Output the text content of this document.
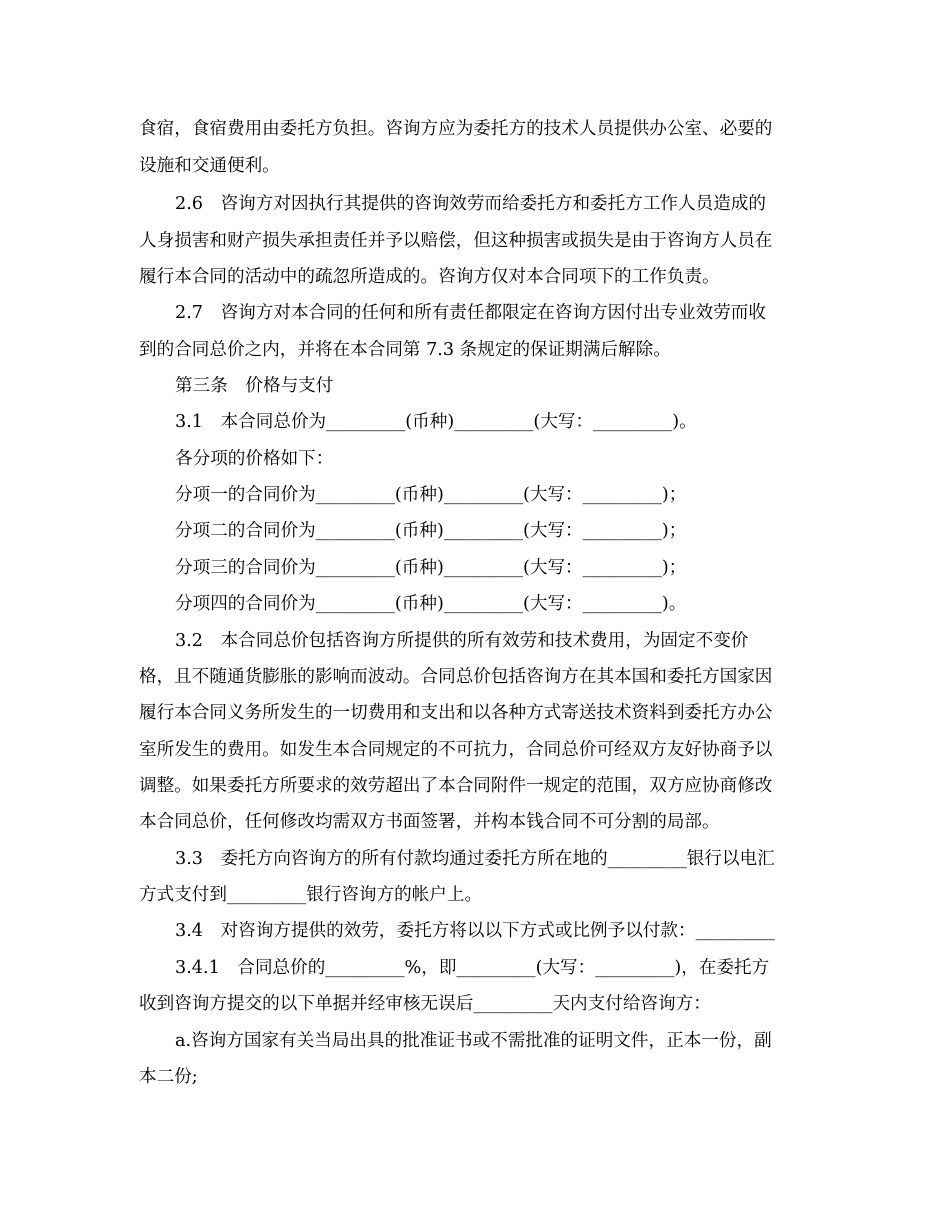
食宿，食宿费用由委托方负担。咨询方应为委托方的技术人员提供办公室、必要的
设施和交通便利。
2.6　咨询方对因执行其提供的咨询效劳而给委托方和委托方工作人员造成的
人身损害和财产损失承担责任并予以赔偿，但这种损害或损失是由于咨询方人员在
履行本合同的活动中的疏忽所造成的。咨询方仅对本合同项下的工作负责。
2.7　咨询方对本合同的任何和所有责任都限定在咨询方因付出专业效劳而收
到的合同总价之内，并将在本合同第 7.3 条规定的保证期满后解除。
第三条　价格与支付
3.1　本合同总价为_________(币种)_________(大写：_________)。
各分项的价格如下：
分项一的合同价为_________(币种)_________(大写：_________)；
分项二的合同价为_________(币种)_________(大写：_________)；
分项三的合同价为_________(币种)_________(大写：_________)；
分项四的合同价为_________(币种)_________(大写：_________)。
3.2　本合同总价包括咨询方所提供的所有效劳和技术费用，为固定不变价
格，且不随通货膨胀的影响而波动。合同总价包括咨询方在其本国和委托方国家因
履行本合同义务所发生的一切费用和支出和以各种方式寄送技术资料到委托方办公
室所发生的费用。如发生本合同规定的不可抗力，合同总价可经双方友好协商予以
调整。如果委托方所要求的效劳超出了本合同附件一规定的范围，双方应协商修改
本合同总价，任何修改均需双方书面签署，并构本钱合同不可分割的局部。
3.3　委托方向咨询方的所有付款均通过委托方所在地的_________银行以电汇
方式支付到_________银行咨询方的帐户上。
3.4　对咨询方提供的效劳，委托方将以以下方式或比例予以付款：_________
3.4.1　合同总价的_________%，即_________(大写：_________)，在委托方
收到咨询方提交的以下单据并经审核无误后_________天内支付给咨询方：
a.咨询方国家有关当局出具的批准证书或不需批准的证明文件，正本一份，副
本二份;
